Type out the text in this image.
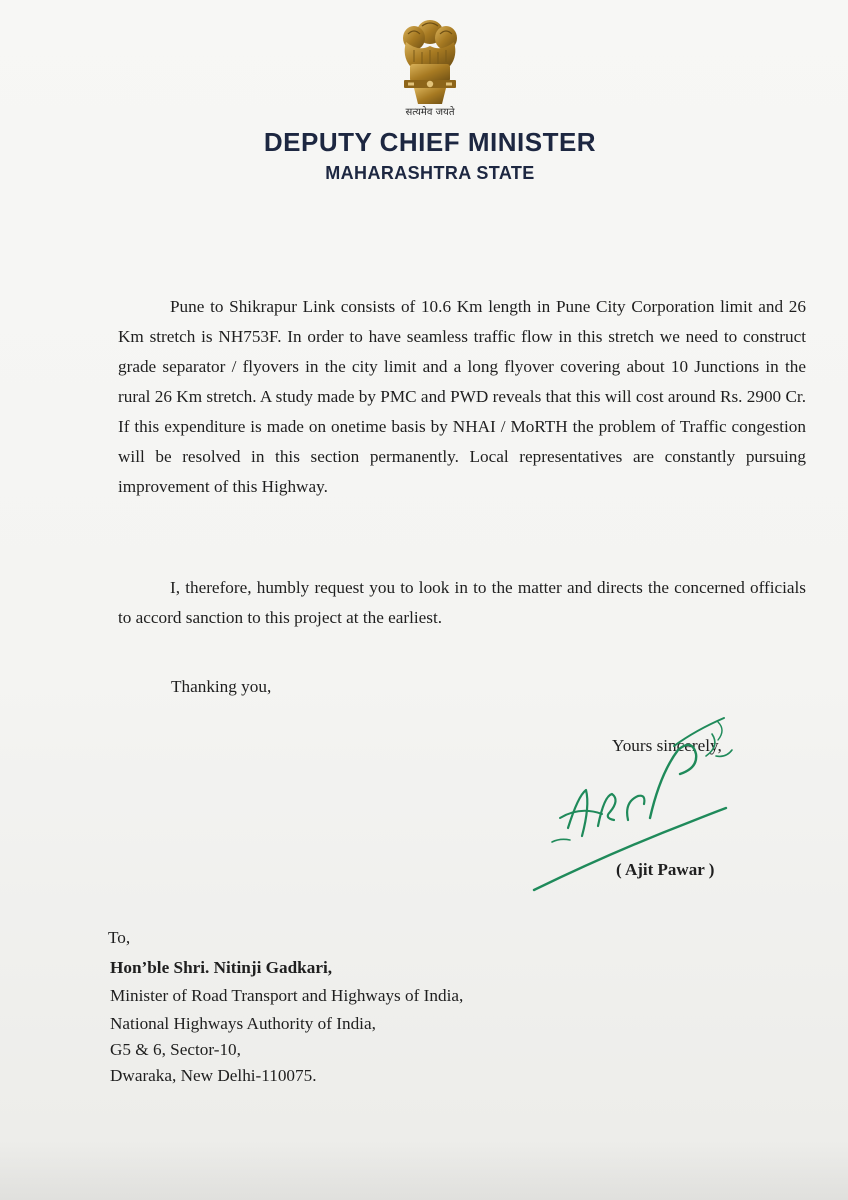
सत्यमेव जयते
DEPUTY CHIEF MINISTER
MAHARASHTRA STATE

Pune to Shikrapur Link consists of 10.6 Km length in Pune City Corporation limit and 26 Km stretch is NH753F. In order to have seamless traffic flow in this stretch we need to construct grade separator / flyovers in the city limit and a long flyover covering about 10 Junctions in the rural 26 Km stretch. A study made by PMC and PWD reveals that this will cost around Rs. 2900 Cr. If this expenditure is made on onetime basis by NHAI / MoRTH the problem of Traffic congestion will be resolved in this section permanently. Local representatives are constantly pursuing improvement of this Highway.

I, therefore, humbly request you to look in to the matter and directs the concerned officials to accord sanction to this project at the earliest.

Thanking you,
Yours sincerely,
( Ajit Pawar )
To,
Hon’ble Shri. Nitinji Gadkari,
Minister of Road Transport and Highways of India,
National Highways Authority of India,
G5 & 6, Sector-10,
Dwaraka, New Delhi-110075.
